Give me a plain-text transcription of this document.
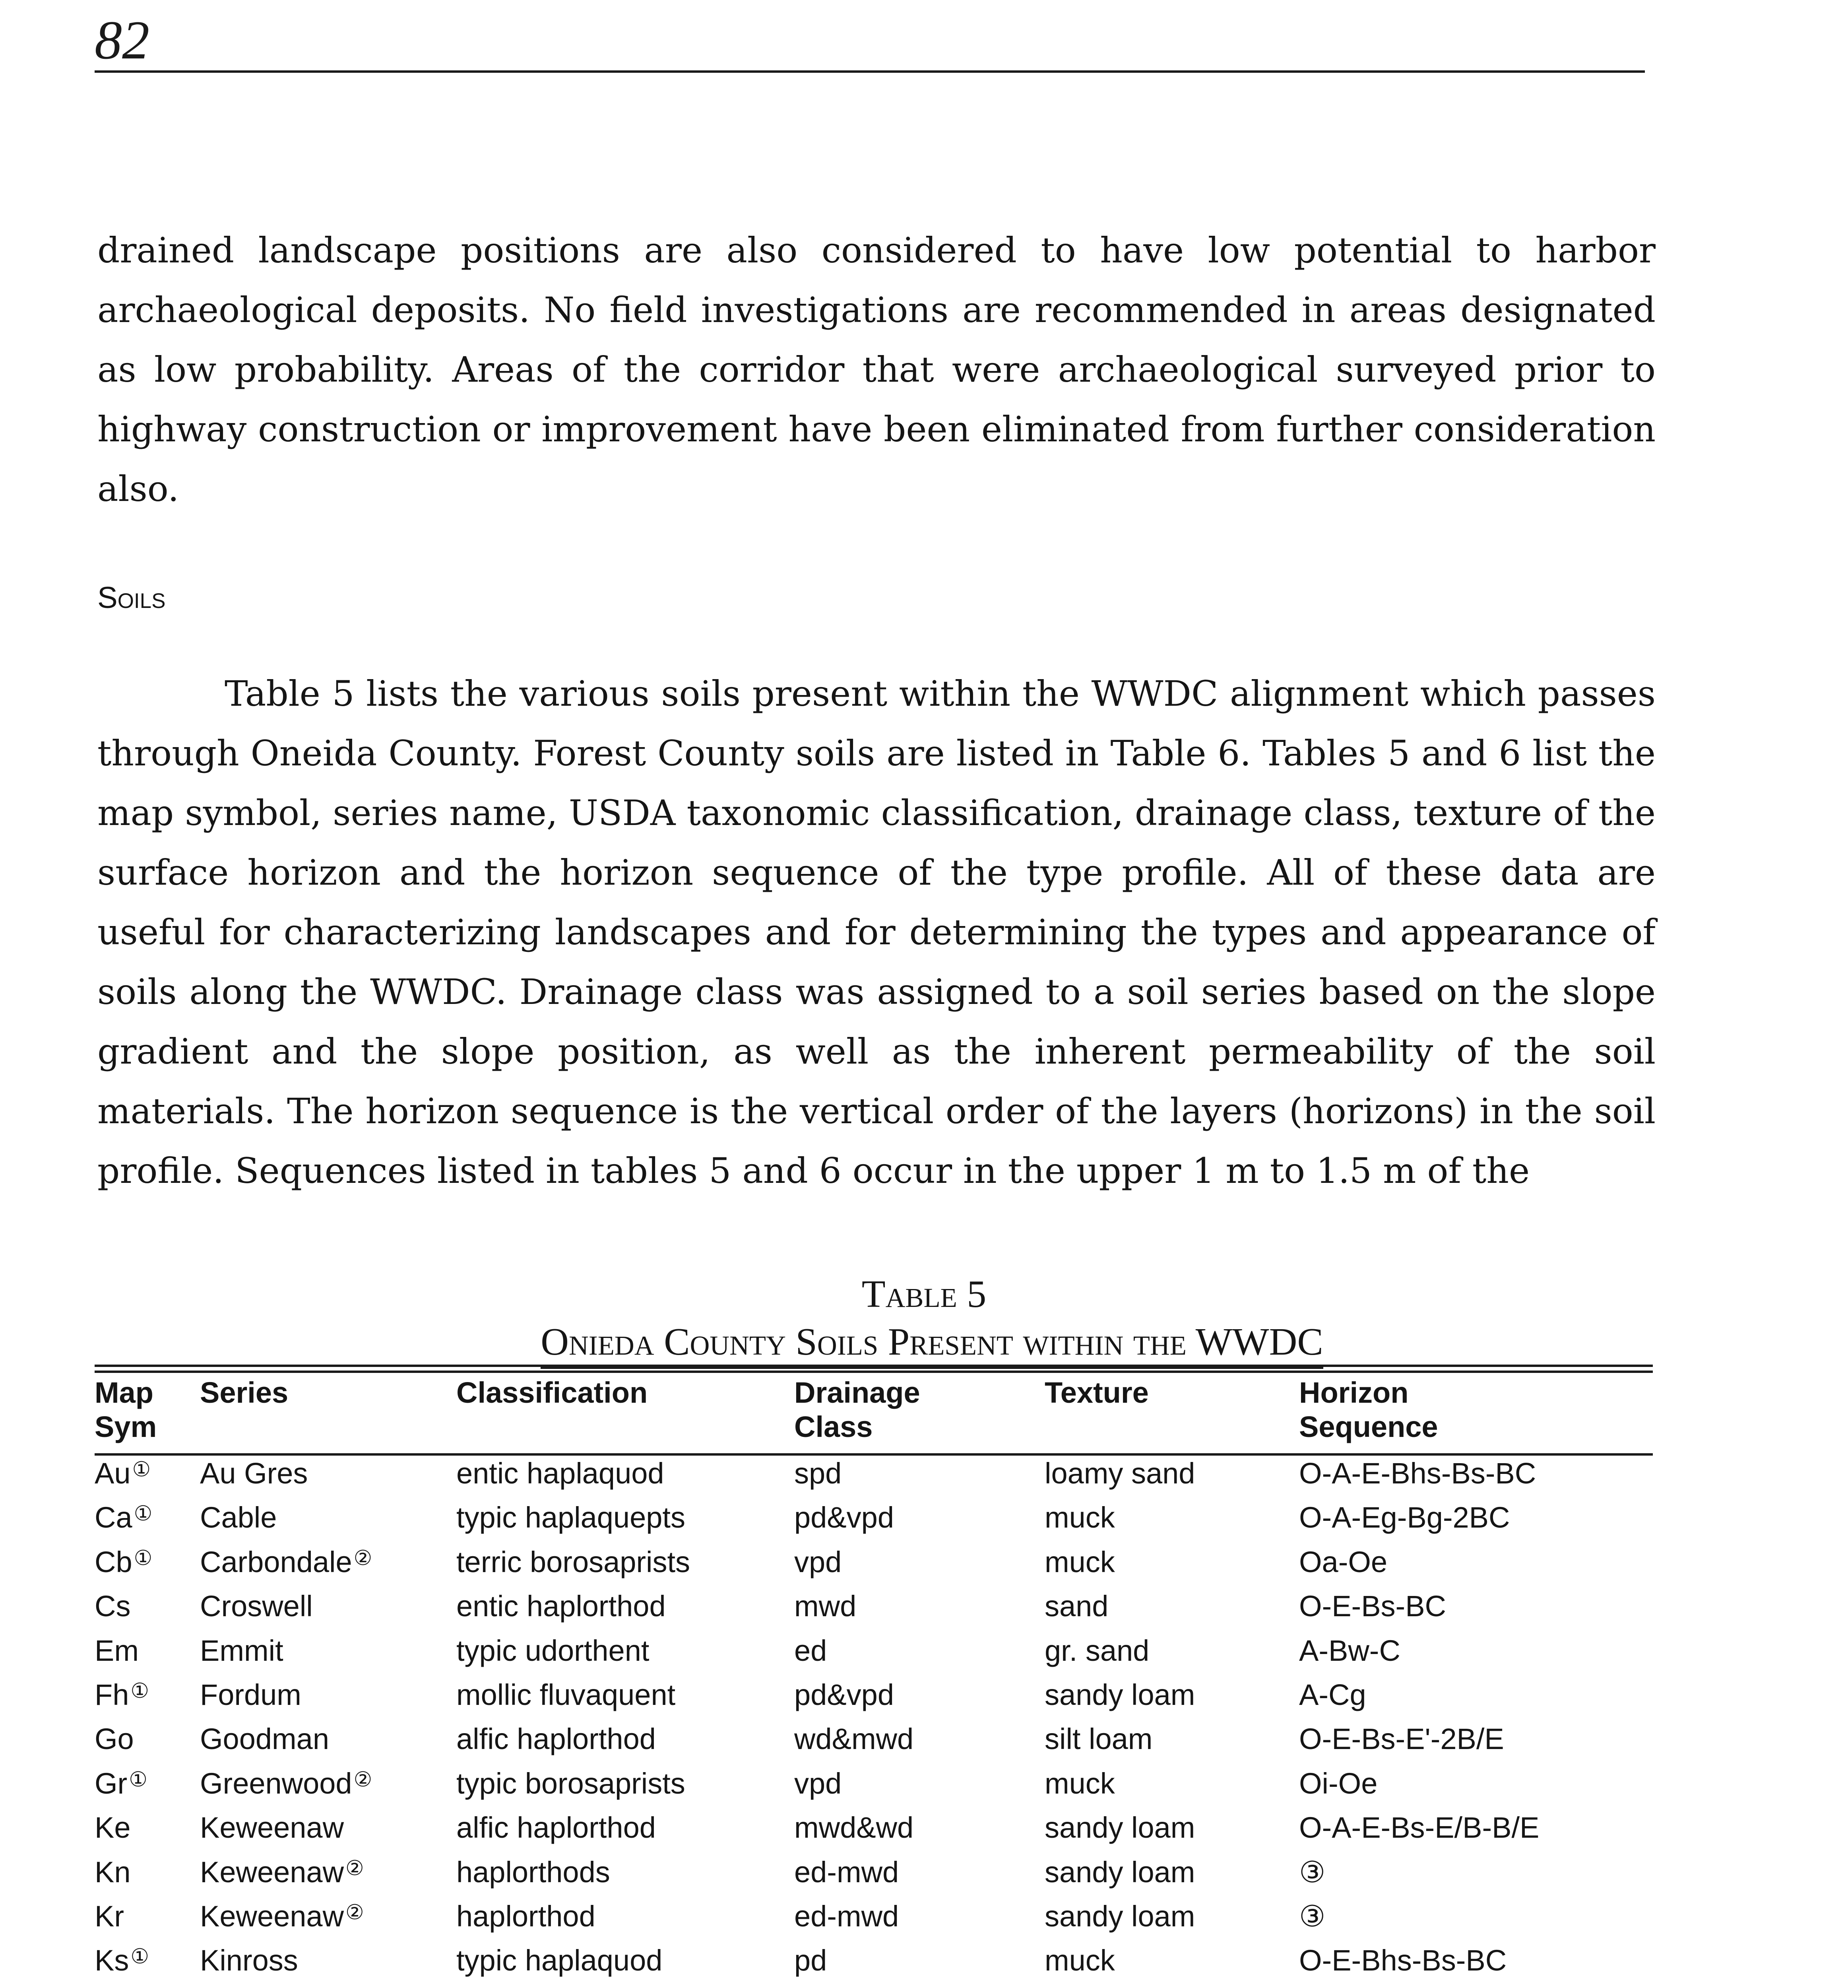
82

drained landscape positions are also considered to have low potential to harbor archaeological deposits. No field investigations are recommended in areas designated as low probability. Areas of the corridor that were archaeological surveyed prior to highway construction or improvement have been eliminated from further consideration also.

Soils

Table 5 lists the various soils present within the WWDC alignment which passes through Oneida County. Forest County soils are listed in Table 6. Tables 5 and 6 list the map symbol, series name, USDA taxonomic classification, drainage class, texture of the surface horizon and the horizon sequence of the type profile. All of these data are useful for characterizing landscapes and for determining the types and appearance of soils along the WWDC. Drainage class was assigned to a soil series based on the slope gradient and the slope position, as well as the inherent permeability of the soil materials. The horizon sequence is the vertical order of the layers (horizons) in the soil profile. Sequences listed in tables 5 and 6 occur in the upper 1 m to 1.5 m of the

Table 5
Onieda County Soils Present within the WWDC
Map
Sym
Series	Classification	Drainage
Class
Texture	Horizon
Sequence
Au① Au Gres	entic haplaquod	spd	loamy sand	O-A-E-Bhs-Bs-BC
Ca① Cable	typic haplaquepts	pd&vpd	muck	O-A-Eg-Bg-2BC
Cb① Carbondale②	terric borosaprists	vpd	muck	Oa-Oe
Cs Croswell	entic haplorthod	mwd	sand	O-E-Bs-BC
Em Emmit	typic udorthent	ed	gr. sand	A-Bw-C
Fh① Fordum	mollic fluvaquent	pd&vpd	sandy loam	A-Cg
Go Goodman	alfic haplorthod	wd&mwd	silt loam	O-E-Bs-E'-2B/E
Gr① Greenwood②	typic borosaprists	vpd	muck	Oi-Oe
Ke Keweenaw	alfic haplorthod	mwd&wd	sandy loam	O-A-E-Bs-E/B-B/E
Kn Keweenaw②	haplorthods	ed-mwd	sandy loam	③
Kr	Keweenaw②	haplorthod	ed-mwd	sandy loam	③
Ks① Kinross	typic haplaquod	pd	muck	O-E-Bhs-Bs-BC
